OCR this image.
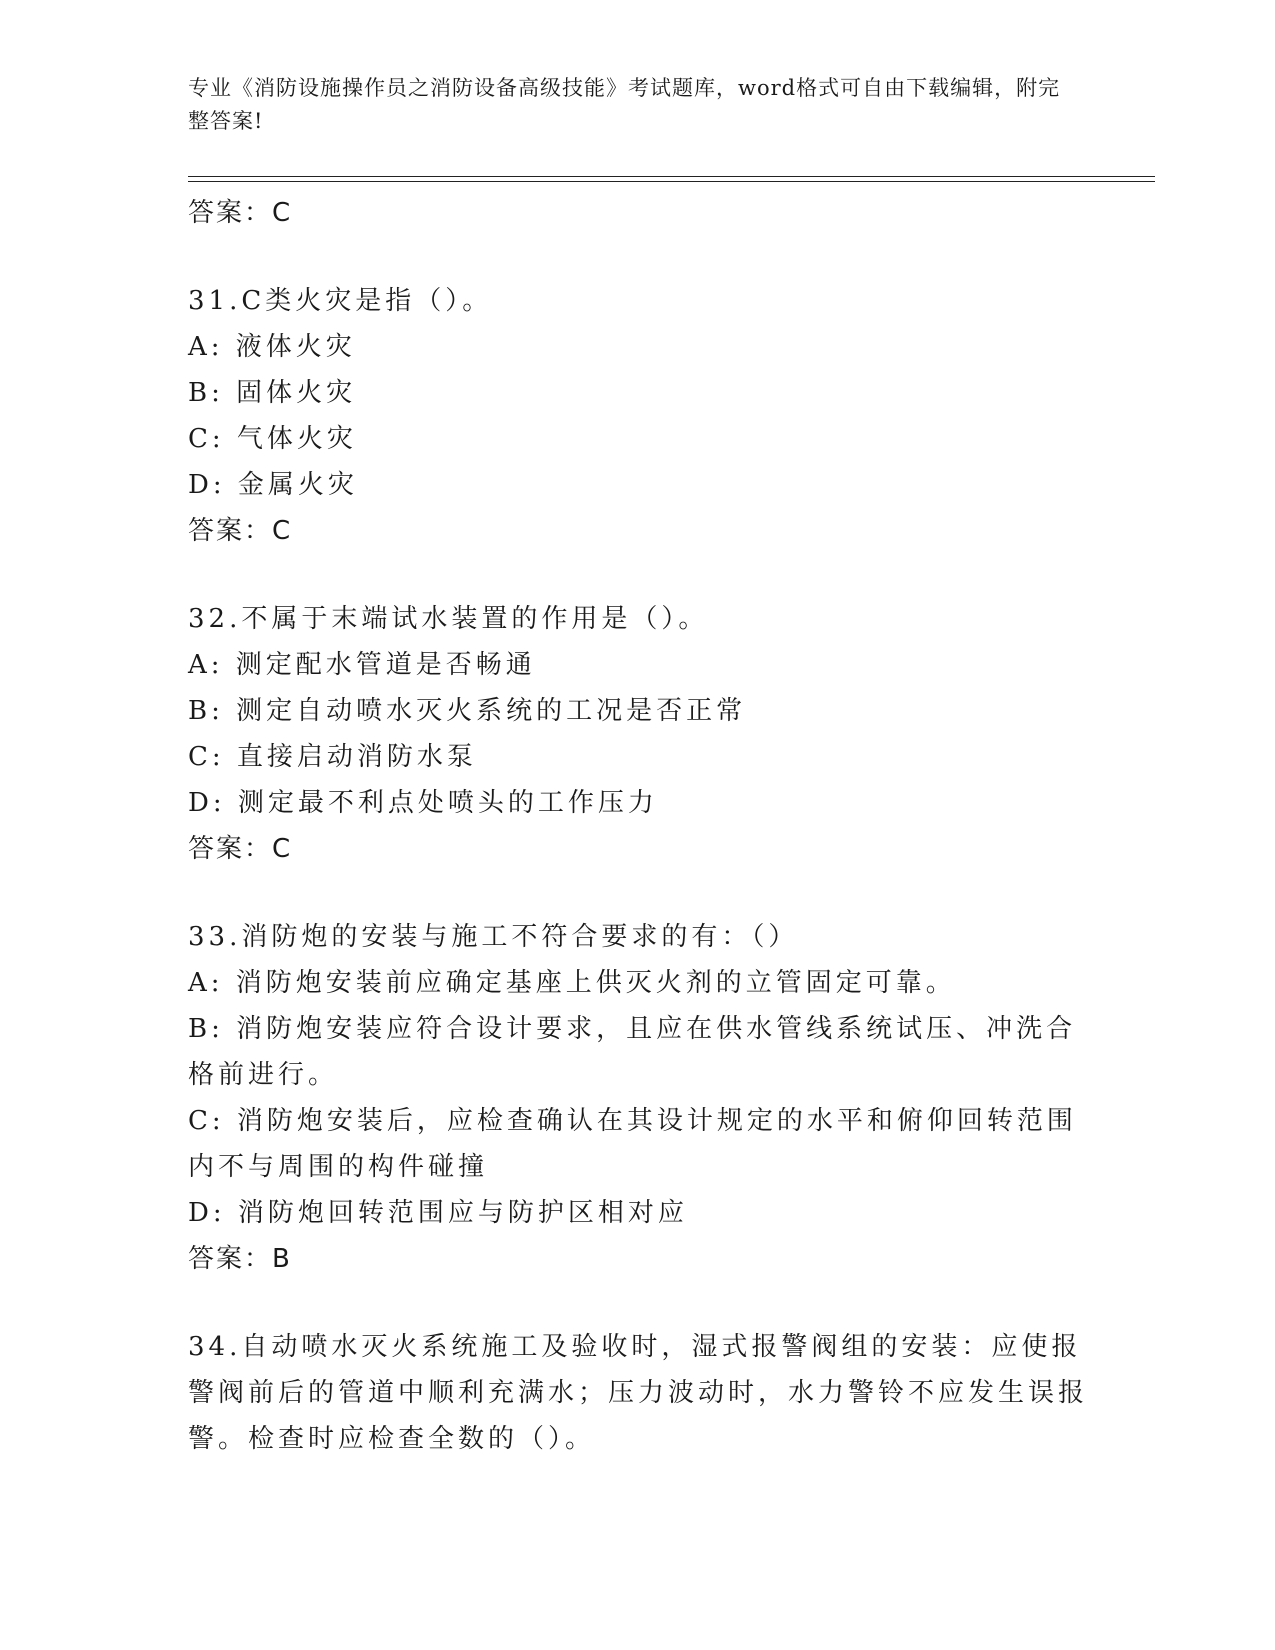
专业《消防设施操作员之消防设备高级技能》考试题库，word格式可自由下载编辑，附完整答案!
答案：C
31.C类火灾是指（）。
A: 液体火灾
B: 固体火灾
C: 气体火灾
D: 金属火灾
答案：C
32.不属于末端试水装置的作用是（）。
A: 测定配水管道是否畅通
B: 测定自动喷水灭火系统的工况是否正常
C: 直接启动消防水泵
D: 测定最不利点处喷头的工作压力
答案：C
33.消防炮的安装与施工不符合要求的有：（）
A: 消防炮安装前应确定基座上供灭火剂的立管固定可靠。
B: 消防炮安装应符合设计要求，且应在供水管线系统试压、冲洗合格前进行。
C: 消防炮安装后，应检查确认在其设计规定的水平和俯仰回转范围内不与周围的构件碰撞
D: 消防炮回转范围应与防护区相对应
答案：B
34.自动喷水灭火系统施工及验收时，湿式报警阀组的安装：应使报警阀前后的管道中顺利充满水；压力波动时，水力警铃不应发生误报警。检查时应检查全数的（）。
